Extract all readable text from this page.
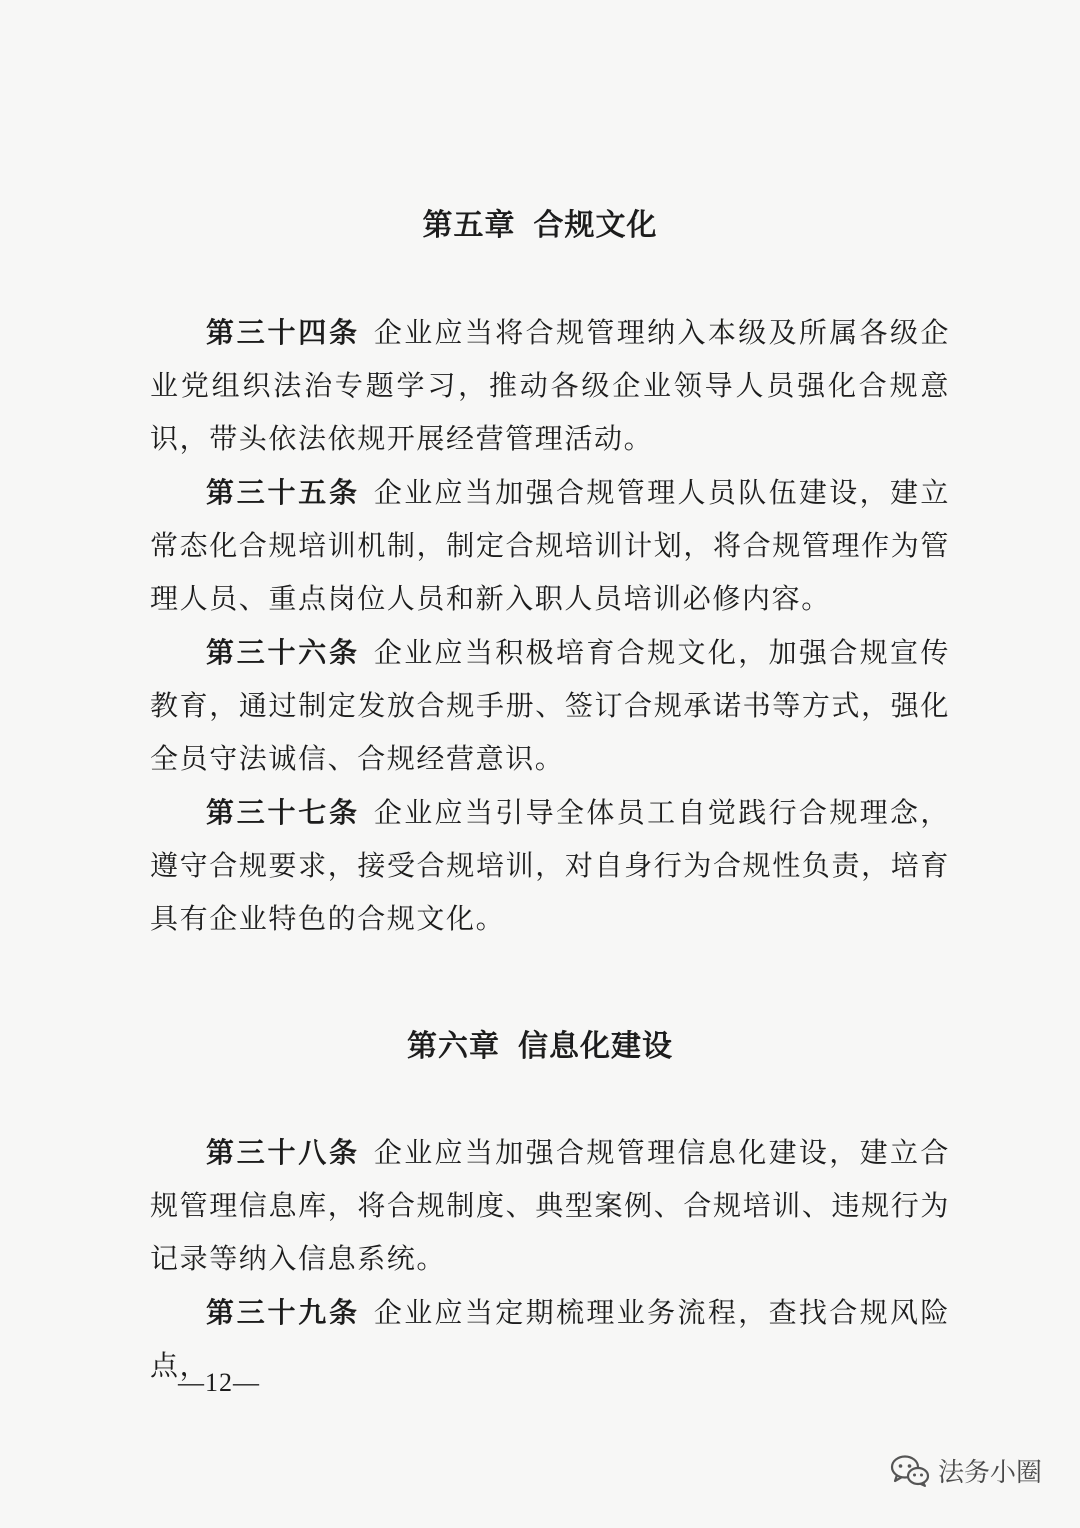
第五章 合规文化

第三十四条 企业应当将合规管理纳入本级及所属各级企业党组织法治专题学习，推动各级企业领导人员强化合规意识，带头依法依规开展经营管理活动。

第三十五条 企业应当加强合规管理人员队伍建设，建立常态化合规培训机制，制定合规培训计划，将合规管理作为管理人员、重点岗位人员和新入职人员培训必修内容。

第三十六条 企业应当积极培育合规文化，加强合规宣传教育，通过制定发放合规手册、签订合规承诺书等方式，强化全员守法诚信、合规经营意识。

第三十七条 企业应当引导全体员工自觉践行合规理念，遵守合规要求，接受合规培训，对自身行为合规性负责，培育具有企业特色的合规文化。

第六章 信息化建设

第三十八条 企业应当加强合规管理信息化建设，建立合规管理信息库，将合规制度、典型案例、合规培训、违规行为记录等纳入信息系统。

第三十九条 企业应当定期梳理业务流程，查找合规风险点，

—12—
法务小圈
